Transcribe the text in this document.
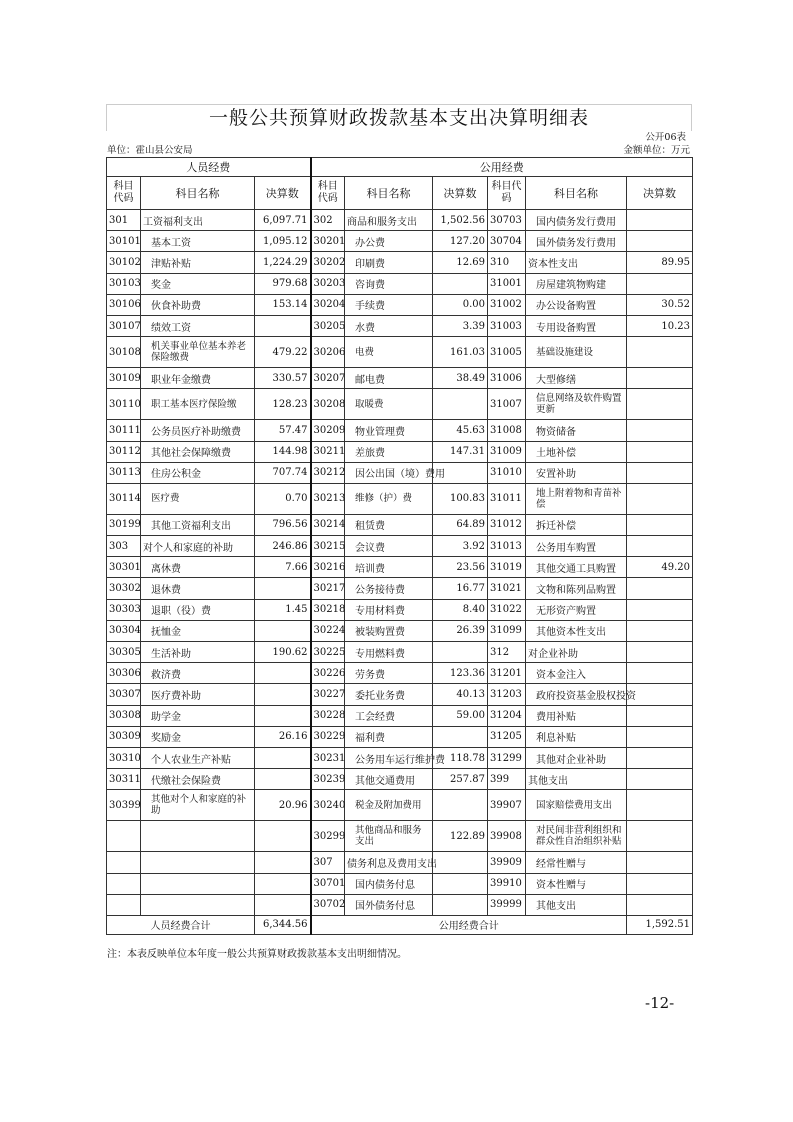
一般公共预算财政拨款基本支出决算明细表
公开06表
单位：霍山县公安局	金额单位：万元
人员经费			公用经费					
科目代码	科目名称	决算数	科目代码	科目名称	决算数	科目代码	科目名称	决算数
301	工资福利支出	6,097.71	302	商品和服务支出	1,502.56	30703	国内债务发行费用	
30101	基本工资	1,095.12	30201	办公费	127.20	30704	国外债务发行费用	
30102	津贴补贴	1,224.29	30202	印刷费	12.69	310	资本性支出	89.95
30103	奖金	979.68	30203	咨询费		31001	房屋建筑物购建	
30106	伙食补助费	153.14	30204	手续费	0.00	31002	办公设备购置	30.52
30107	绩效工资		30205	水费	3.39	31003	专用设备购置	10.23
30108	机关事业单位基本养老保险缴费	479.22	30206	电费	161.03	31005	基础设施建设	
30109	职业年金缴费	330.57	30207	邮电费	38.49	31006	大型修缮	
30110	职工基本医疗保险缴	128.23	30208	取暖费		31007	信息网络及软件购置更新	
30111	公务员医疗补助缴费	57.47	30209	物业管理费	45.63	31008	物资储备	
30112	其他社会保障缴费	144.98	30211	差旅费	147.31	31009	土地补偿	
30113	住房公积金	707.74	30212	因公出国（境）费用		31010	安置补助	
30114	医疗费	0.70	30213	维修（护）费	100.83	31011	地上附着物和青苗补偿	
30199	其他工资福利支出	796.56	30214	租赁费	64.89	31012	拆迁补偿	
303	对个人和家庭的补助	246.86	30215	会议费	3.92	31013	公务用车购置	
30301	离休费	7.66	30216	培训费	23.56	31019	其他交通工具购置	49.20
30302	退休费		30217	公务接待费	16.77	31021	文物和陈列品购置	
30303	退职（役）费	1.45	30218	专用材料费	8.40	31022	无形资产购置	
30304	抚恤金		30224	被装购置费	26.39	31099	其他资本性支出	
30305	生活补助	190.62	30225	专用燃料费		312	对企业补助	
30306	救济费		30226	劳务费	123.36	31201	资本金注入	
30307	医疗费补助		30227	委托业务费	40.13	31203	政府投资基金股权投资	
30308	助学金		30228	工会经费	59.00	31204	费用补贴	
30309	奖励金	26.16	30229	福利费		31205	利息补贴	
30310	个人农业生产补贴		30231	公务用车运行维护费	118.78	31299	其他对企业补助	
30311	代缴社会保险费		30239	其他交通费用	257.87	399	其他支出	
30399	其他对个人和家庭的补助	20.96	30240	税金及附加费用		39907	国家赔偿费用支出	
			30299	其他商品和服务支出	122.89	39908	对民间非营利组织和群众性自治组织补贴	
			307	债务利息及费用支出		39909	经常性赠与	
			30701	国内债务付息		39910	资本性赠与	
			30702	国外债务付息		39999	其他支出	
人员经费合计		6,344.56	公用经费合计					1,592.51
注：本表反映单位本年度一般公共预算财政拨款基本支出明细情况。
-12-
